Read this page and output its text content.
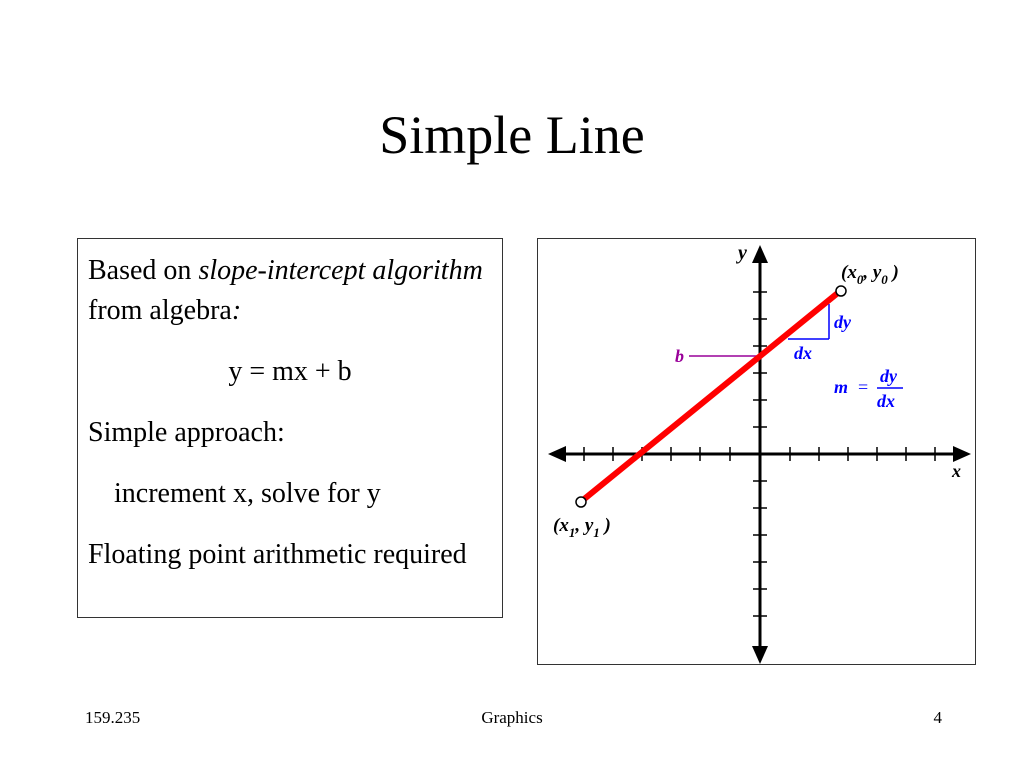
Simple Line

Based on slope-intercept algorithm from algebra:

y = mx + b

Simple approach:

increment x, solve for y

Floating point arithmetic required

y
x
b
dy
dx
m =
dy
dx
($x_0$, $y_0$ )
($x_1$, $y_1$ )
159.235	Graphics	4
